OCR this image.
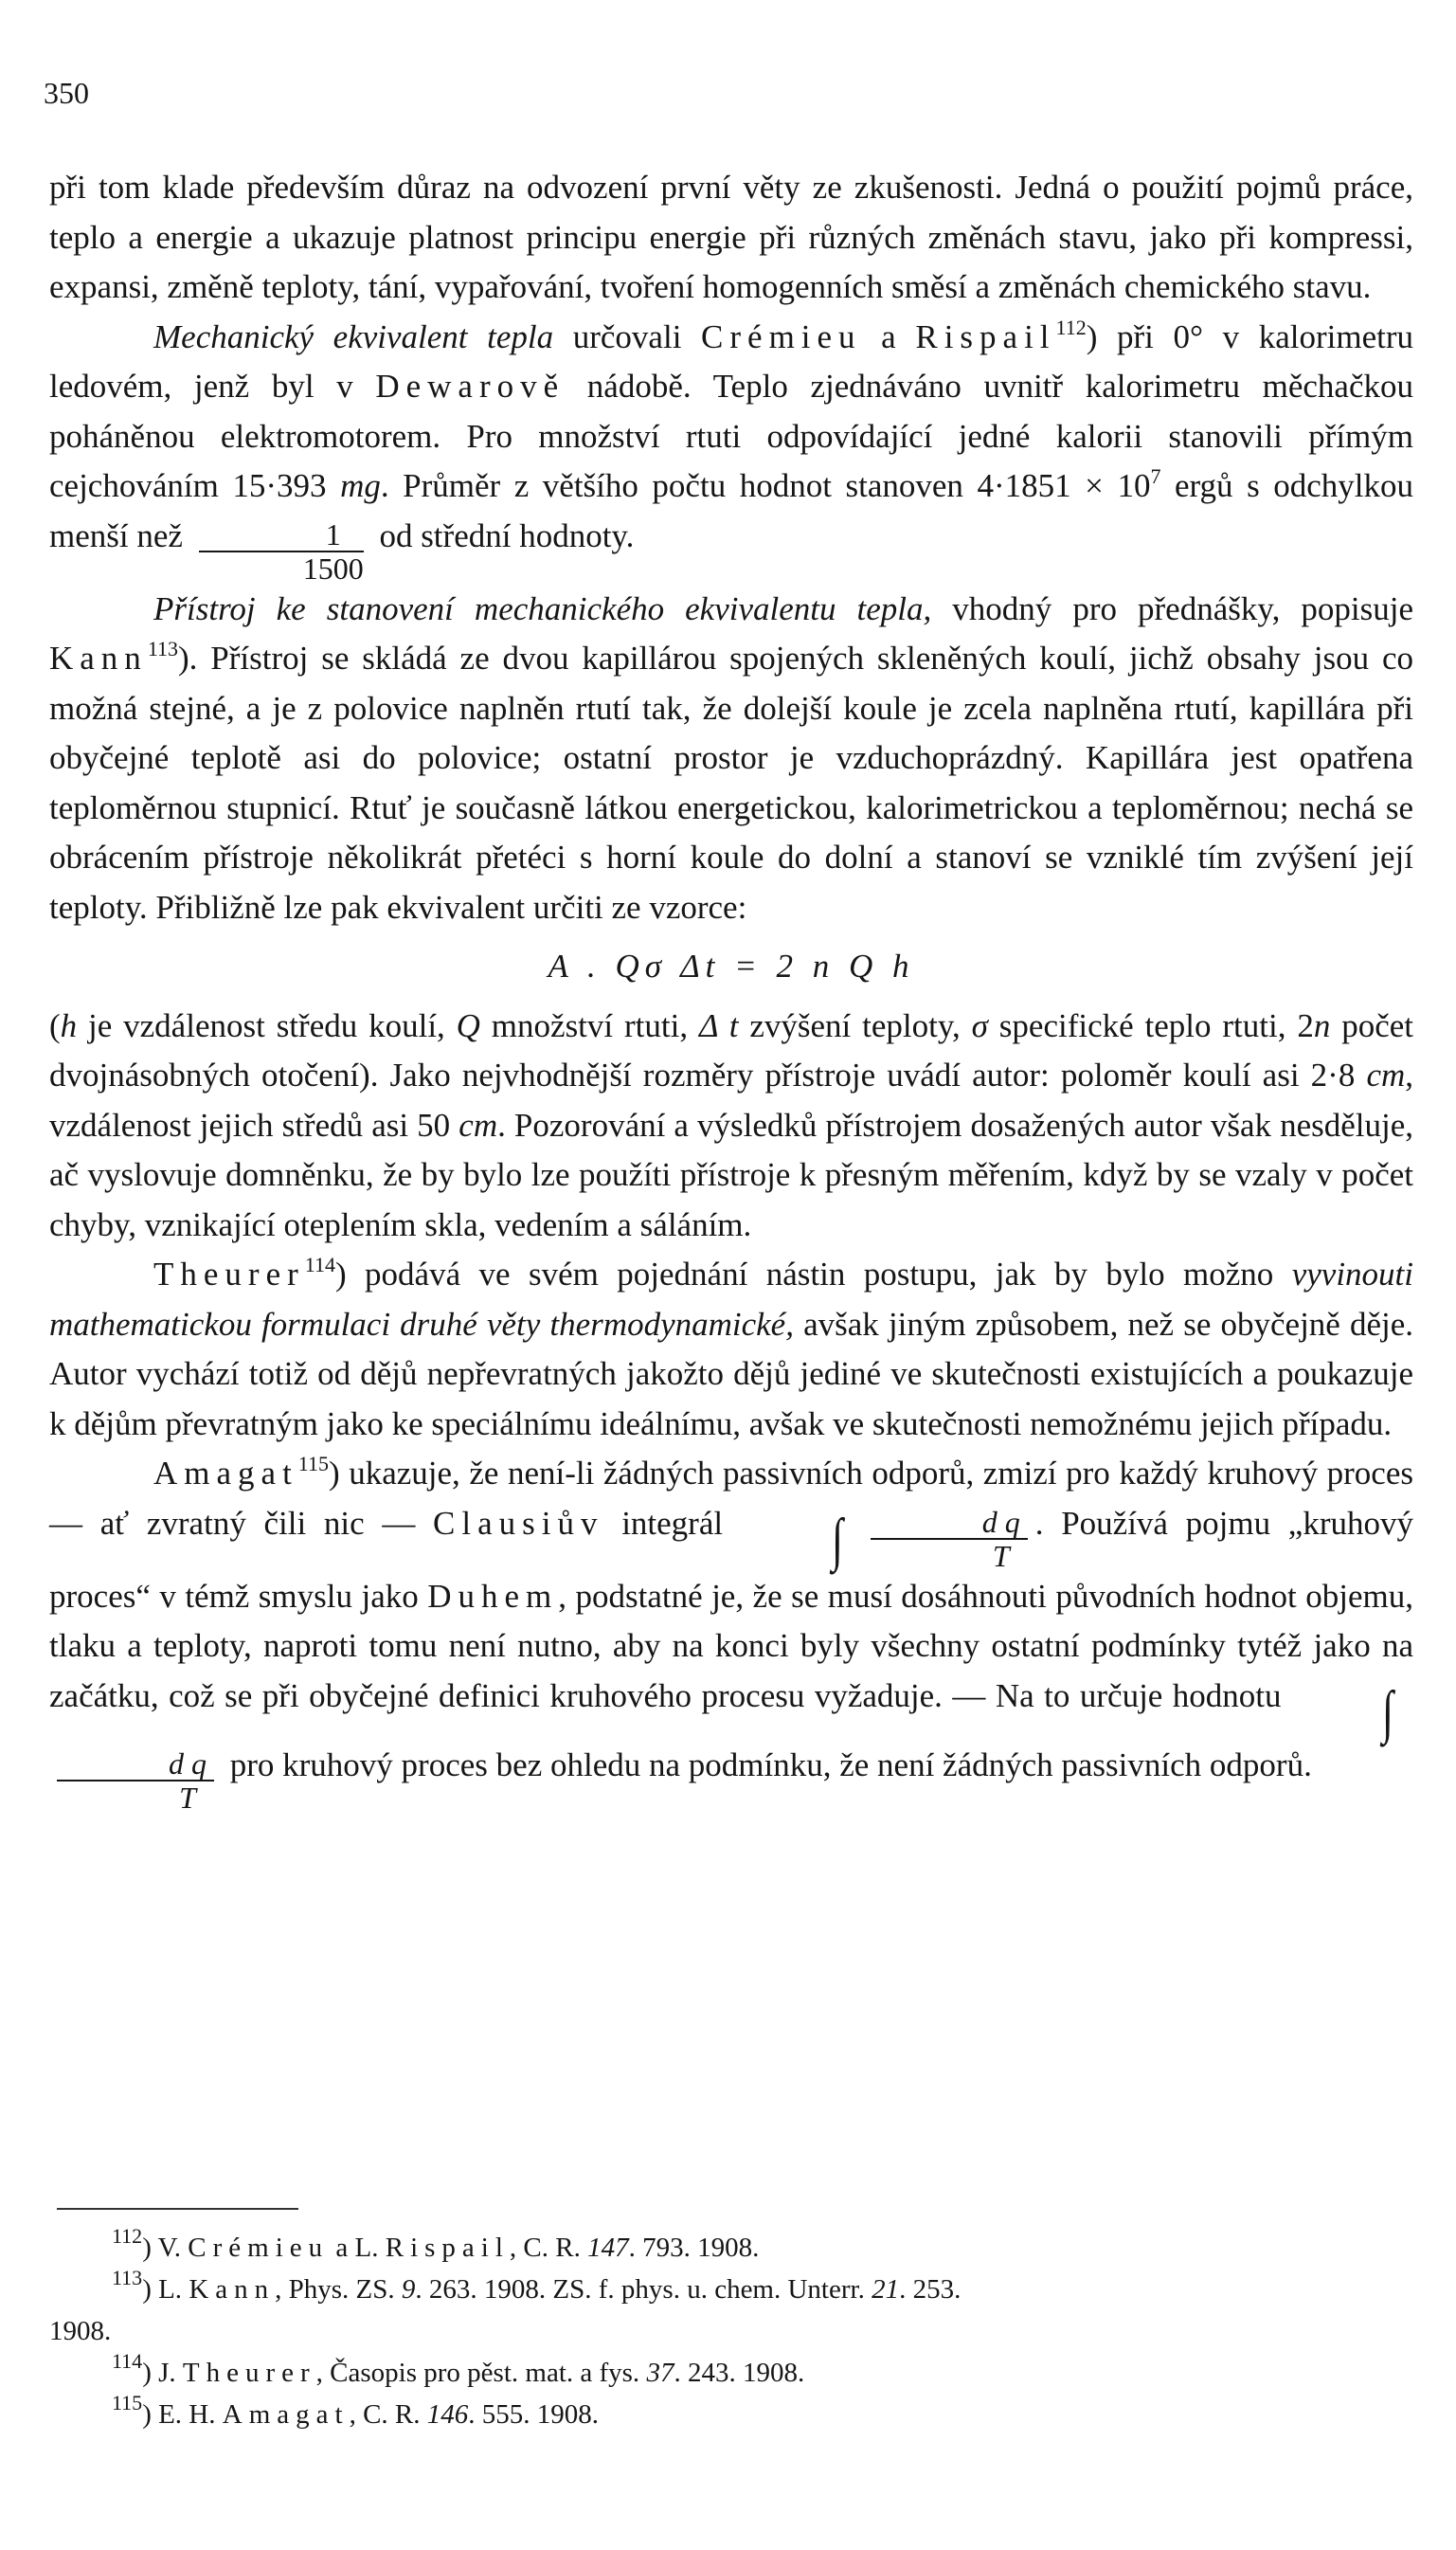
350

při tom klade především důraz na odvození první věty ze zkušenosti. Jedná o použití pojmů práce, teplo a energie a ukazuje platnost principu energie při různých změnách stavu, jako při kompressi, expansi, změně teploty, tání, vypařování, tvoření homogenních směsí a změnách chemického stavu.

Mechanický ekvivalent tepla určovali Crémieu a Rispail$^{112}$) při 0° v kalorimetru ledovém, jenž byl v Dewarově nádobě. Teplo zjednáváno uvnitř kalorimetru měchačkou poháněnou elektromotorem. Pro množství rtuti odpovídající jedné kalorii stanovili přímým cejchováním 15·393 mg. Průměr z většího počtu hodnot stanoven $4\cdot 1851 \times 10^7$ ergů s odchylkou menší než $\frac{1}{1500}$ od střední hodnoty.

Přístroj ke stanovení mechanického ekvivalentu tepla, vhodný pro přednášky, popisuje Kann$^{113}$). Přístroj se skládá ze dvou kapillárou spojených skleněných koulí, jichž obsahy jsou co možná stejné, a je z polovice naplněn rtutí tak, že dolejší koule je zcela naplněna rtutí, kapillára při obyčejné teplotě asi do polovice; ostatní prostor je vzduchoprázdný. Kapillára jest opatřena teploměrnou stupnicí. Rtuť je současně látkou energetickou, kalorimetrickou a teploměrnou; nechá se obrácením přístroje několikrát přetéci s horní koule do dolní a stanoví se vzniklé tím zvýšení její teploty. Přibližně lze pak ekvivalent určiti ze vzorce:

A . Qσ Δt = 2 n Q h

(h je vzdálenost středu koulí, Q množství rtuti, Δ t zvýšení teploty, σ specifické teplo rtuti, 2n počet dvojnásobných otočení). Jako nejvhodnější rozměry přístroje uvádí autor: poloměr koulí asi 2·8 cm, vzdálenost jejich středů asi 50 cm. Pozorování a výsledků přístrojem dosažených autor však nesděluje, ač vyslovuje domněnku, že by bylo lze použíti přístroje k přesným měřením, když by se vzaly v počet chyby, vznikající oteplením skla, vedením a sáláním.

Theurer$^{114}$) podává ve svém pojednání nástin postupu, jak by bylo možno vyvinouti mathematickou formulaci druhé věty thermodynamické, avšak jiným způsobem, než se obyčejně děje. Autor vychází totiž od dějů nepřevratných jakožto dějů jediné ve skutečnosti existujících a poukazuje k dějům převratným jako ke speciálnímu ideálnímu, avšak ve skutečnosti nemožnému jejich případu.

Amagat$^{115}$) ukazuje, že není-li žádných passivních odporů, zmizí pro každý kruhový proces — ať zvratný čili nic — Clausiův integrál ∫ $\frac{\text{d q}}{T}$ . Používá pojmu „kruhový proces“ v témž smyslu jako Duhem, podstatné je, že se musí dosáhnouti původních hodnot objemu, tlaku a teploty, naproti tomu není nutno, aby na konci byly všechny ostatní podmínky tytéž jako na začátku, což se při obyčejné definici kruhového procesu vyžaduje. — Na to určuje hodnotu ∫
$\frac{\text{d q}}{T}$ pro kruhový proces bez ohledu na podmínku, že není žádných passivních odporů.

$^{112}$) V. Crémieu a L. Rispail, C. R. 147. 793. 1908.

$^{113}$) L. Kann, Phys. ZS. 9. 263. 1908. ZS. f. phys. u. chem. Unterr. 21. 253.

1908.

$^{114}$) J. Theurer, Časopis pro pěst. mat. a fys. 37. 243. 1908.

$^{115}$) E. H. Amagat, C. R. 146. 555. 1908.
